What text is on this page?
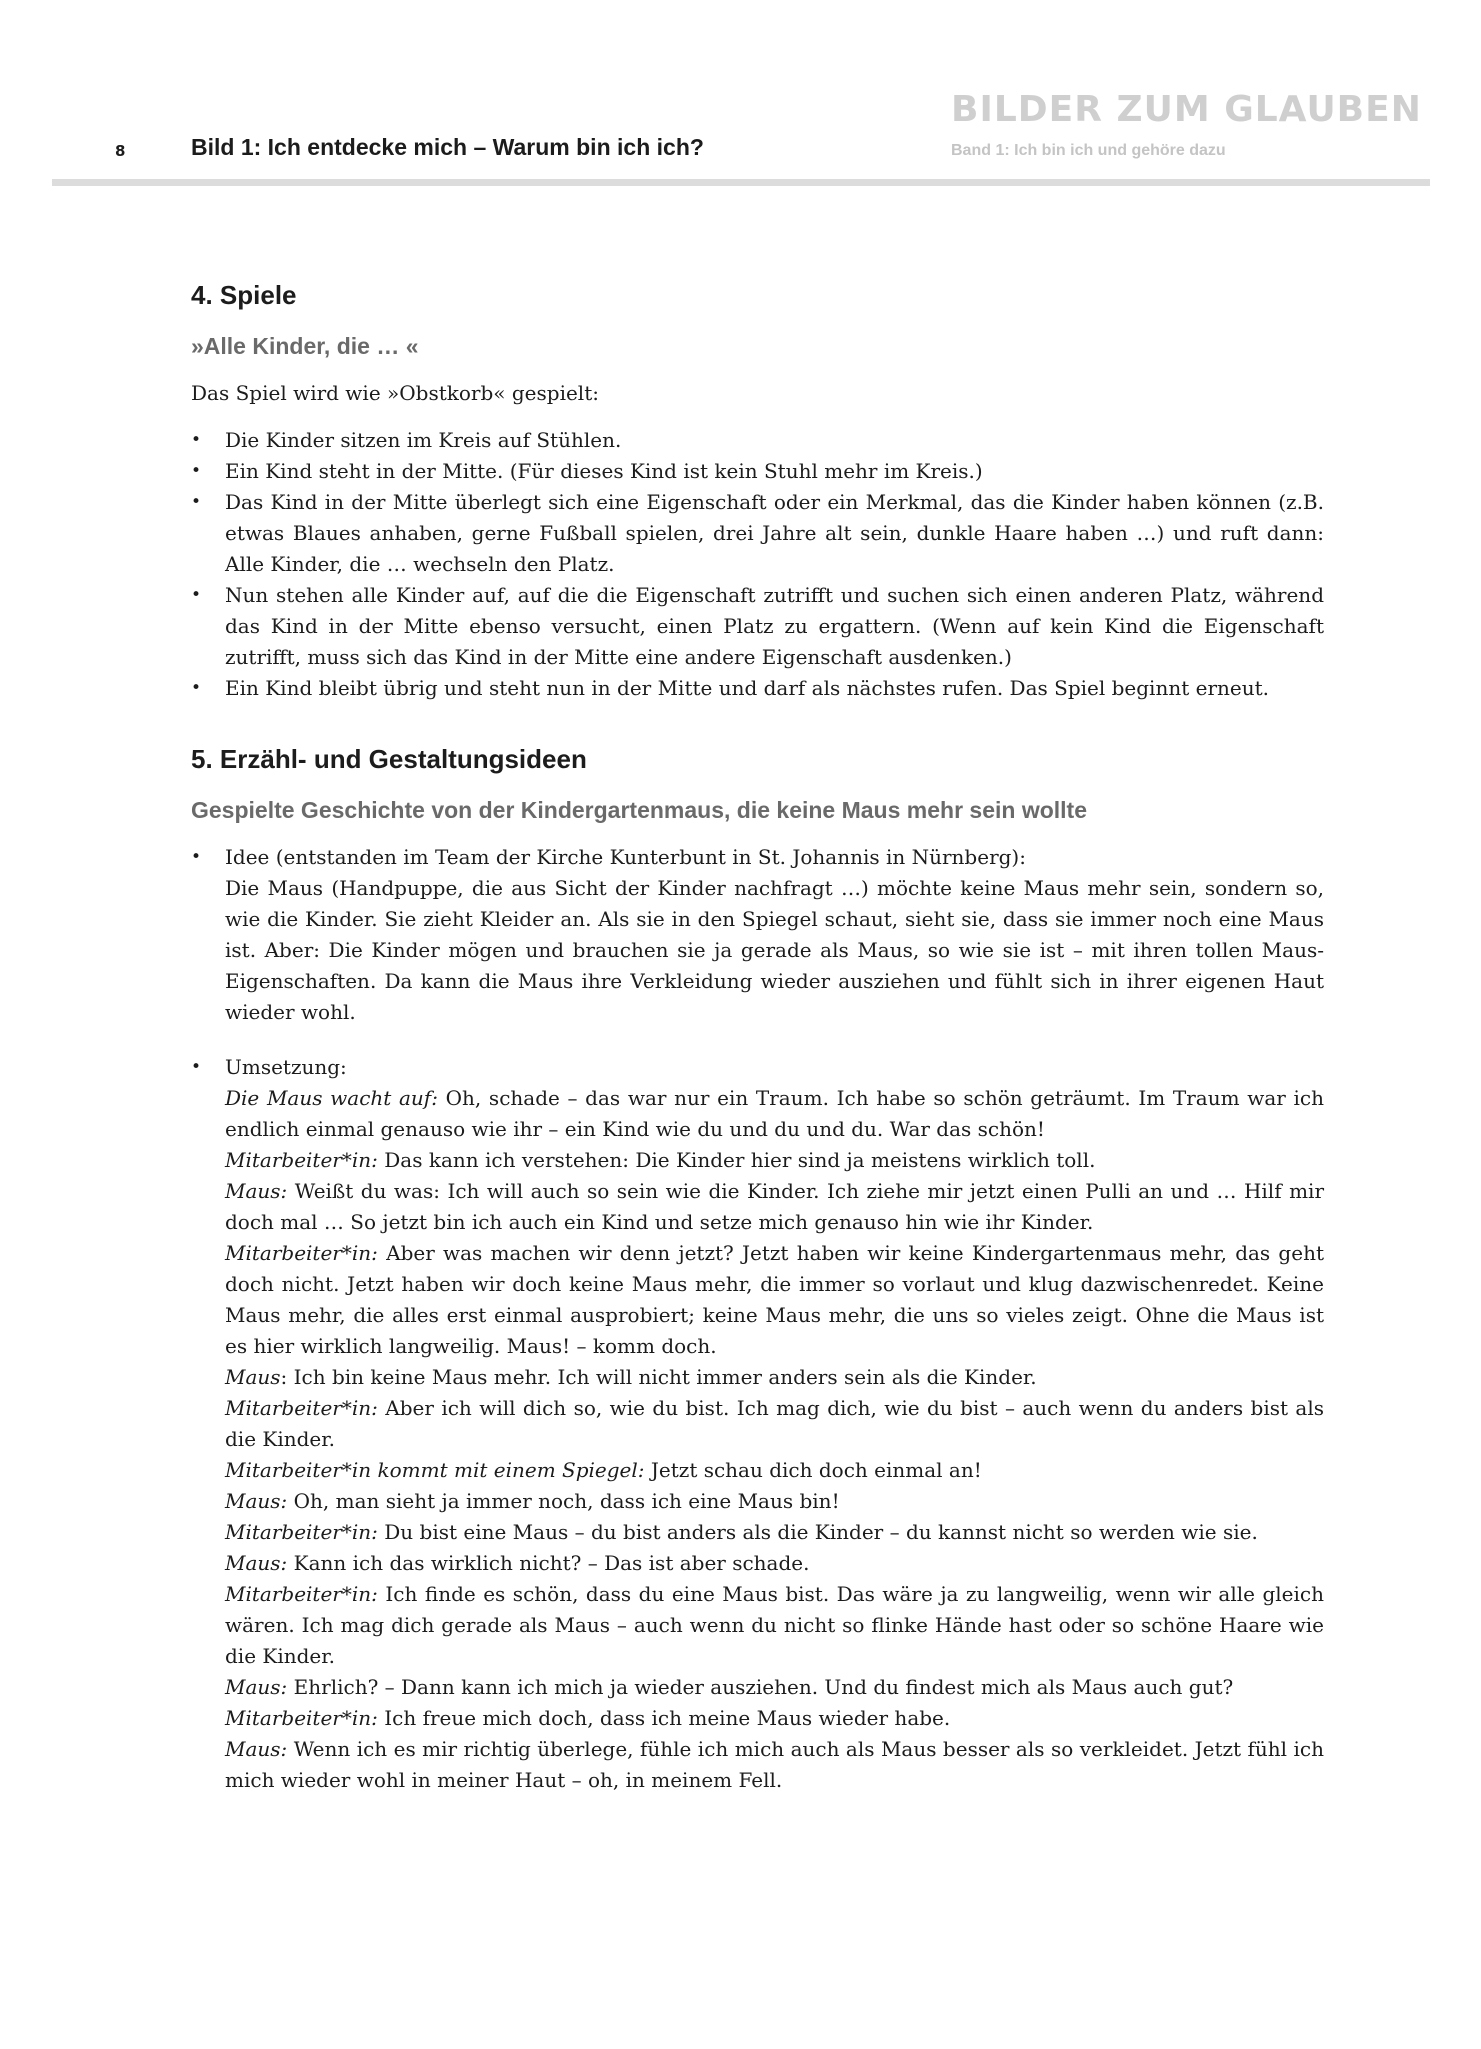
8	Bild 1: Ich entdecke mich – Warum bin ich ich?
BILDER ZUM GLAUBEN
Band 1: Ich bin ich und gehöre dazu
4. Spiele
»Alle Kinder, die … «

Das Spiel wird wie »Obstkorb« gespielt:

• Die Kinder sitzen im Kreis auf Stühlen.
• Ein Kind steht in der Mitte. (Für dieses Kind ist kein Stuhl mehr im Kreis.)
• Das Kind in der Mitte überlegt sich eine Eigenschaft oder ein Merkmal, das die Kinder haben können (z.B. etwas Blaues anhaben, gerne Fußball spielen, drei Jahre alt sein, dunkle Haare haben …) und ruft dann: Alle Kinder, die … wechseln den Platz.
• Nun stehen alle Kinder auf, auf die die Eigenschaft zutrifft und suchen sich einen anderen Platz, während das Kind in der Mitte ebenso versucht, einen Platz zu ergattern. (Wenn auf kein Kind die Eigenschaft zutrifft, muss sich das Kind in der Mitte eine andere Eigenschaft ausdenken.)
• Ein Kind bleibt übrig und steht nun in der Mitte und darf als nächstes rufen. Das Spiel beginnt erneut.
5. Erzähl- und Gestaltungsideen
Gespielte Geschichte von der Kindergartenmaus, die keine Maus mehr sein wollte
• Idee (entstanden im Team der Kirche Kunterbunt in St. Johannis in Nürnberg):
Die Maus (Handpuppe, die aus Sicht der Kinder nachfragt …) möchte keine Maus mehr sein, sondern so, wie die Kinder. Sie zieht Kleider an. Als sie in den Spiegel schaut, sieht sie, dass sie immer noch eine Maus ist. Aber: Die Kinder mögen und brauchen sie ja gerade als Maus, so wie sie ist – mit ihren tollen Maus-Eigenschaften. Da kann die Maus ihre Verkleidung wieder ausziehen und fühlt sich in ihrer eigenen Haut wieder wohl.
• Umsetzung:

Die Maus wacht auf: Oh, schade – das war nur ein Traum. Ich habe so schön geträumt. Im Traum war ich endlich einmal genauso wie ihr – ein Kind wie du und du und du. War das schön!

Mitarbeiter*in: Das kann ich verstehen: Die Kinder hier sind ja meistens wirklich toll.

Maus: Weißt du was: Ich will auch so sein wie die Kinder. Ich ziehe mir jetzt einen Pulli an und … Hilf mir doch mal … So jetzt bin ich auch ein Kind und setze mich genauso hin wie ihr Kinder.

Mitarbeiter*in: Aber was machen wir denn jetzt? Jetzt haben wir keine Kindergartenmaus mehr, das geht doch nicht. Jetzt haben wir doch keine Maus mehr, die immer so vorlaut und klug dazwischenredet. Keine Maus mehr, die alles erst einmal ausprobiert; keine Maus mehr, die uns so vieles zeigt. Ohne die Maus ist es hier wirklich langweilig. Maus! – komm doch.

Maus: Ich bin keine Maus mehr. Ich will nicht immer anders sein als die Kinder.

Mitarbeiter*in: Aber ich will dich so, wie du bist. Ich mag dich, wie du bist – auch wenn du anders bist als die Kinder.

Mitarbeiter*in kommt mit einem Spiegel: Jetzt schau dich doch einmal an!

Maus: Oh, man sieht ja immer noch, dass ich eine Maus bin!

Mitarbeiter*in: Du bist eine Maus – du bist anders als die Kinder – du kannst nicht so werden wie sie.

Maus: Kann ich das wirklich nicht? – Das ist aber schade.

Mitarbeiter*in: Ich finde es schön, dass du eine Maus bist. Das wäre ja zu langweilig, wenn wir alle gleich wären. Ich mag dich gerade als Maus – auch wenn du nicht so flinke Hände hast oder so schöne Haare wie die Kinder.

Maus: Ehrlich? – Dann kann ich mich ja wieder ausziehen. Und du findest mich als Maus auch gut?

Mitarbeiter*in: Ich freue mich doch, dass ich meine Maus wieder habe.

Maus: Wenn ich es mir richtig überlege, fühle ich mich auch als Maus besser als so verkleidet. Jetzt fühl ich mich wieder wohl in meiner Haut – oh, in meinem Fell.
